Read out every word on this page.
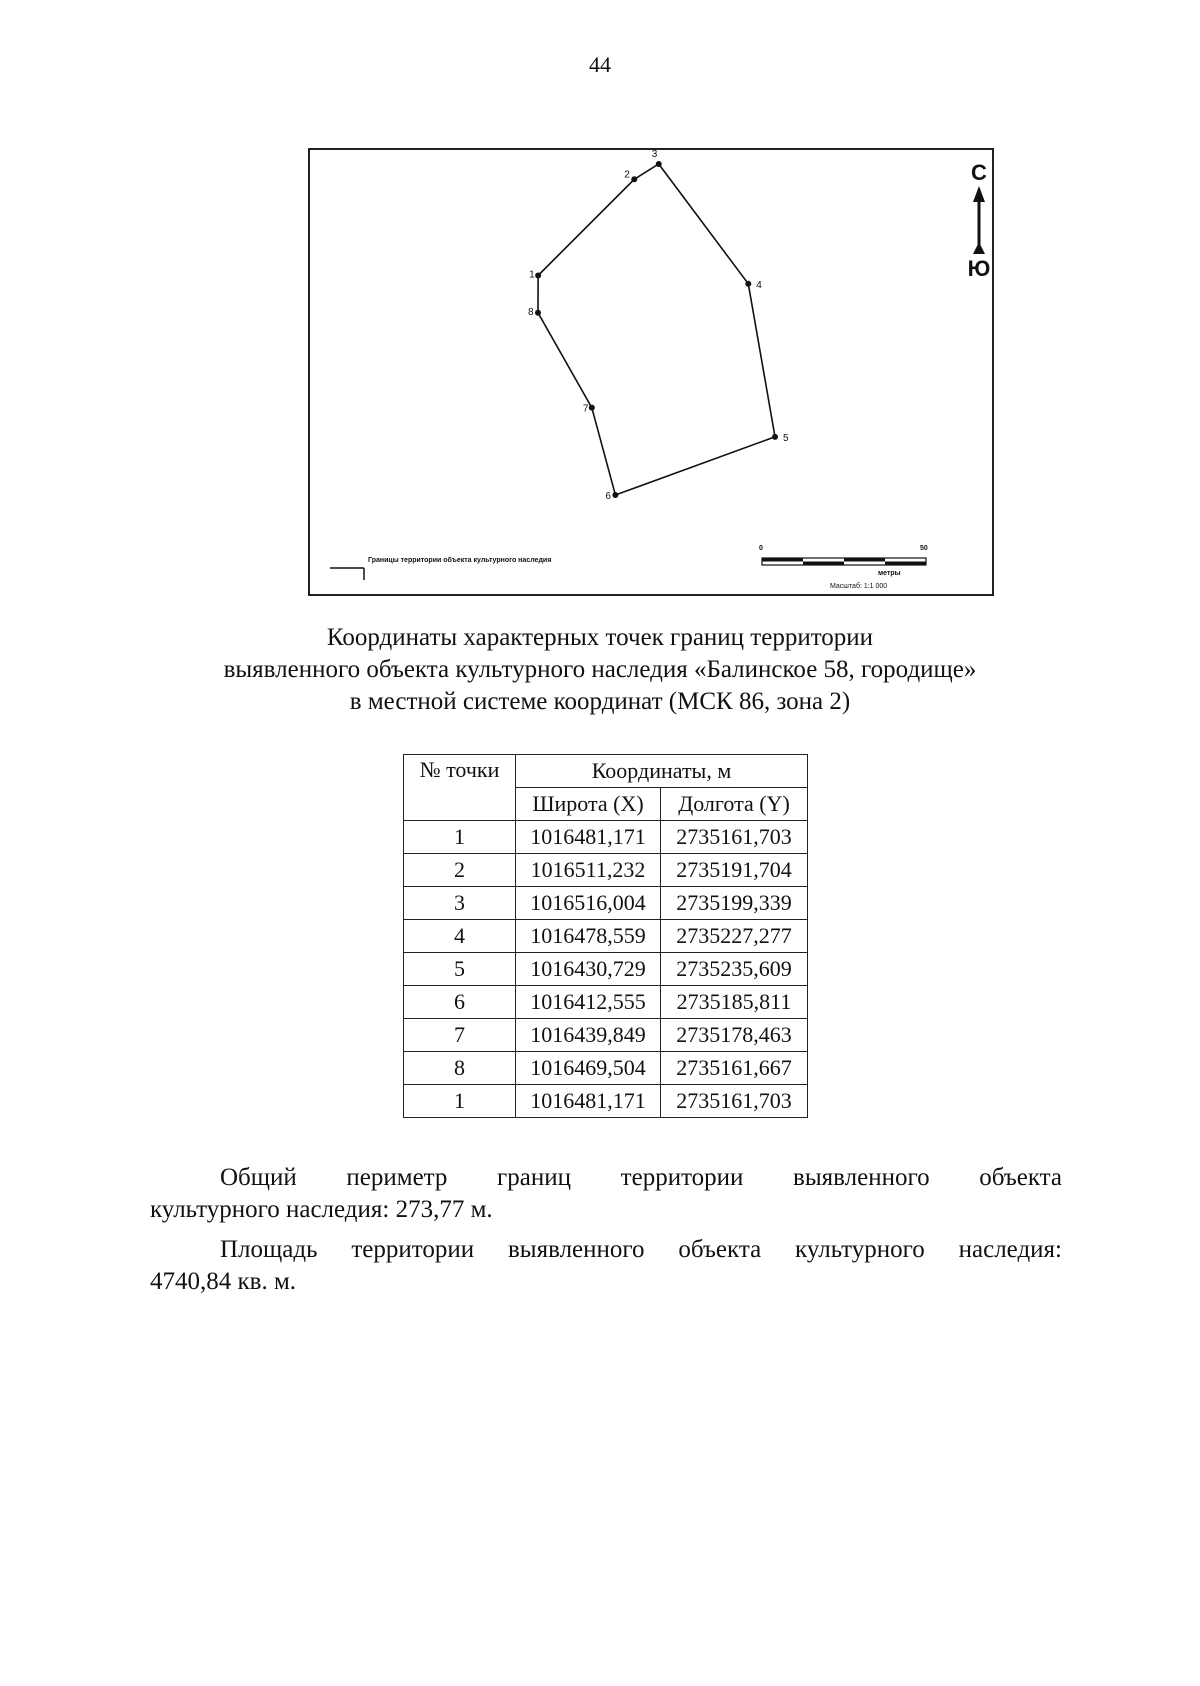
44
1
2
3
4
5
6
7
8
С
Ю
Границы территории объекта культурного наследия
0	50
метры
Масштаб: 1:1 000
Координаты характерных точек границ территории
выявленного объекта культурного наследия «Балинское 58, городище»
в местной системе координат (МСК 86, зона 2)
№ точки	Координаты, м	
	Широта (X)	Долгота (Y)
1	1016481,171	2735161,703
2	1016511,232	2735191,704
3	1016516,004	2735199,339
4	1016478,559	2735227,277
5	1016430,729	2735235,609
6	1016412,555	2735185,811
7	1016439,849	2735178,463
8	1016469,504	2735161,667
1	1016481,171	2735161,703
Общий периметр границ территории выявленного объекта
культурного наследия: 273,77 м.
Площадь территории выявленного объекта культурного наследия:
4740,84 кв. м.
